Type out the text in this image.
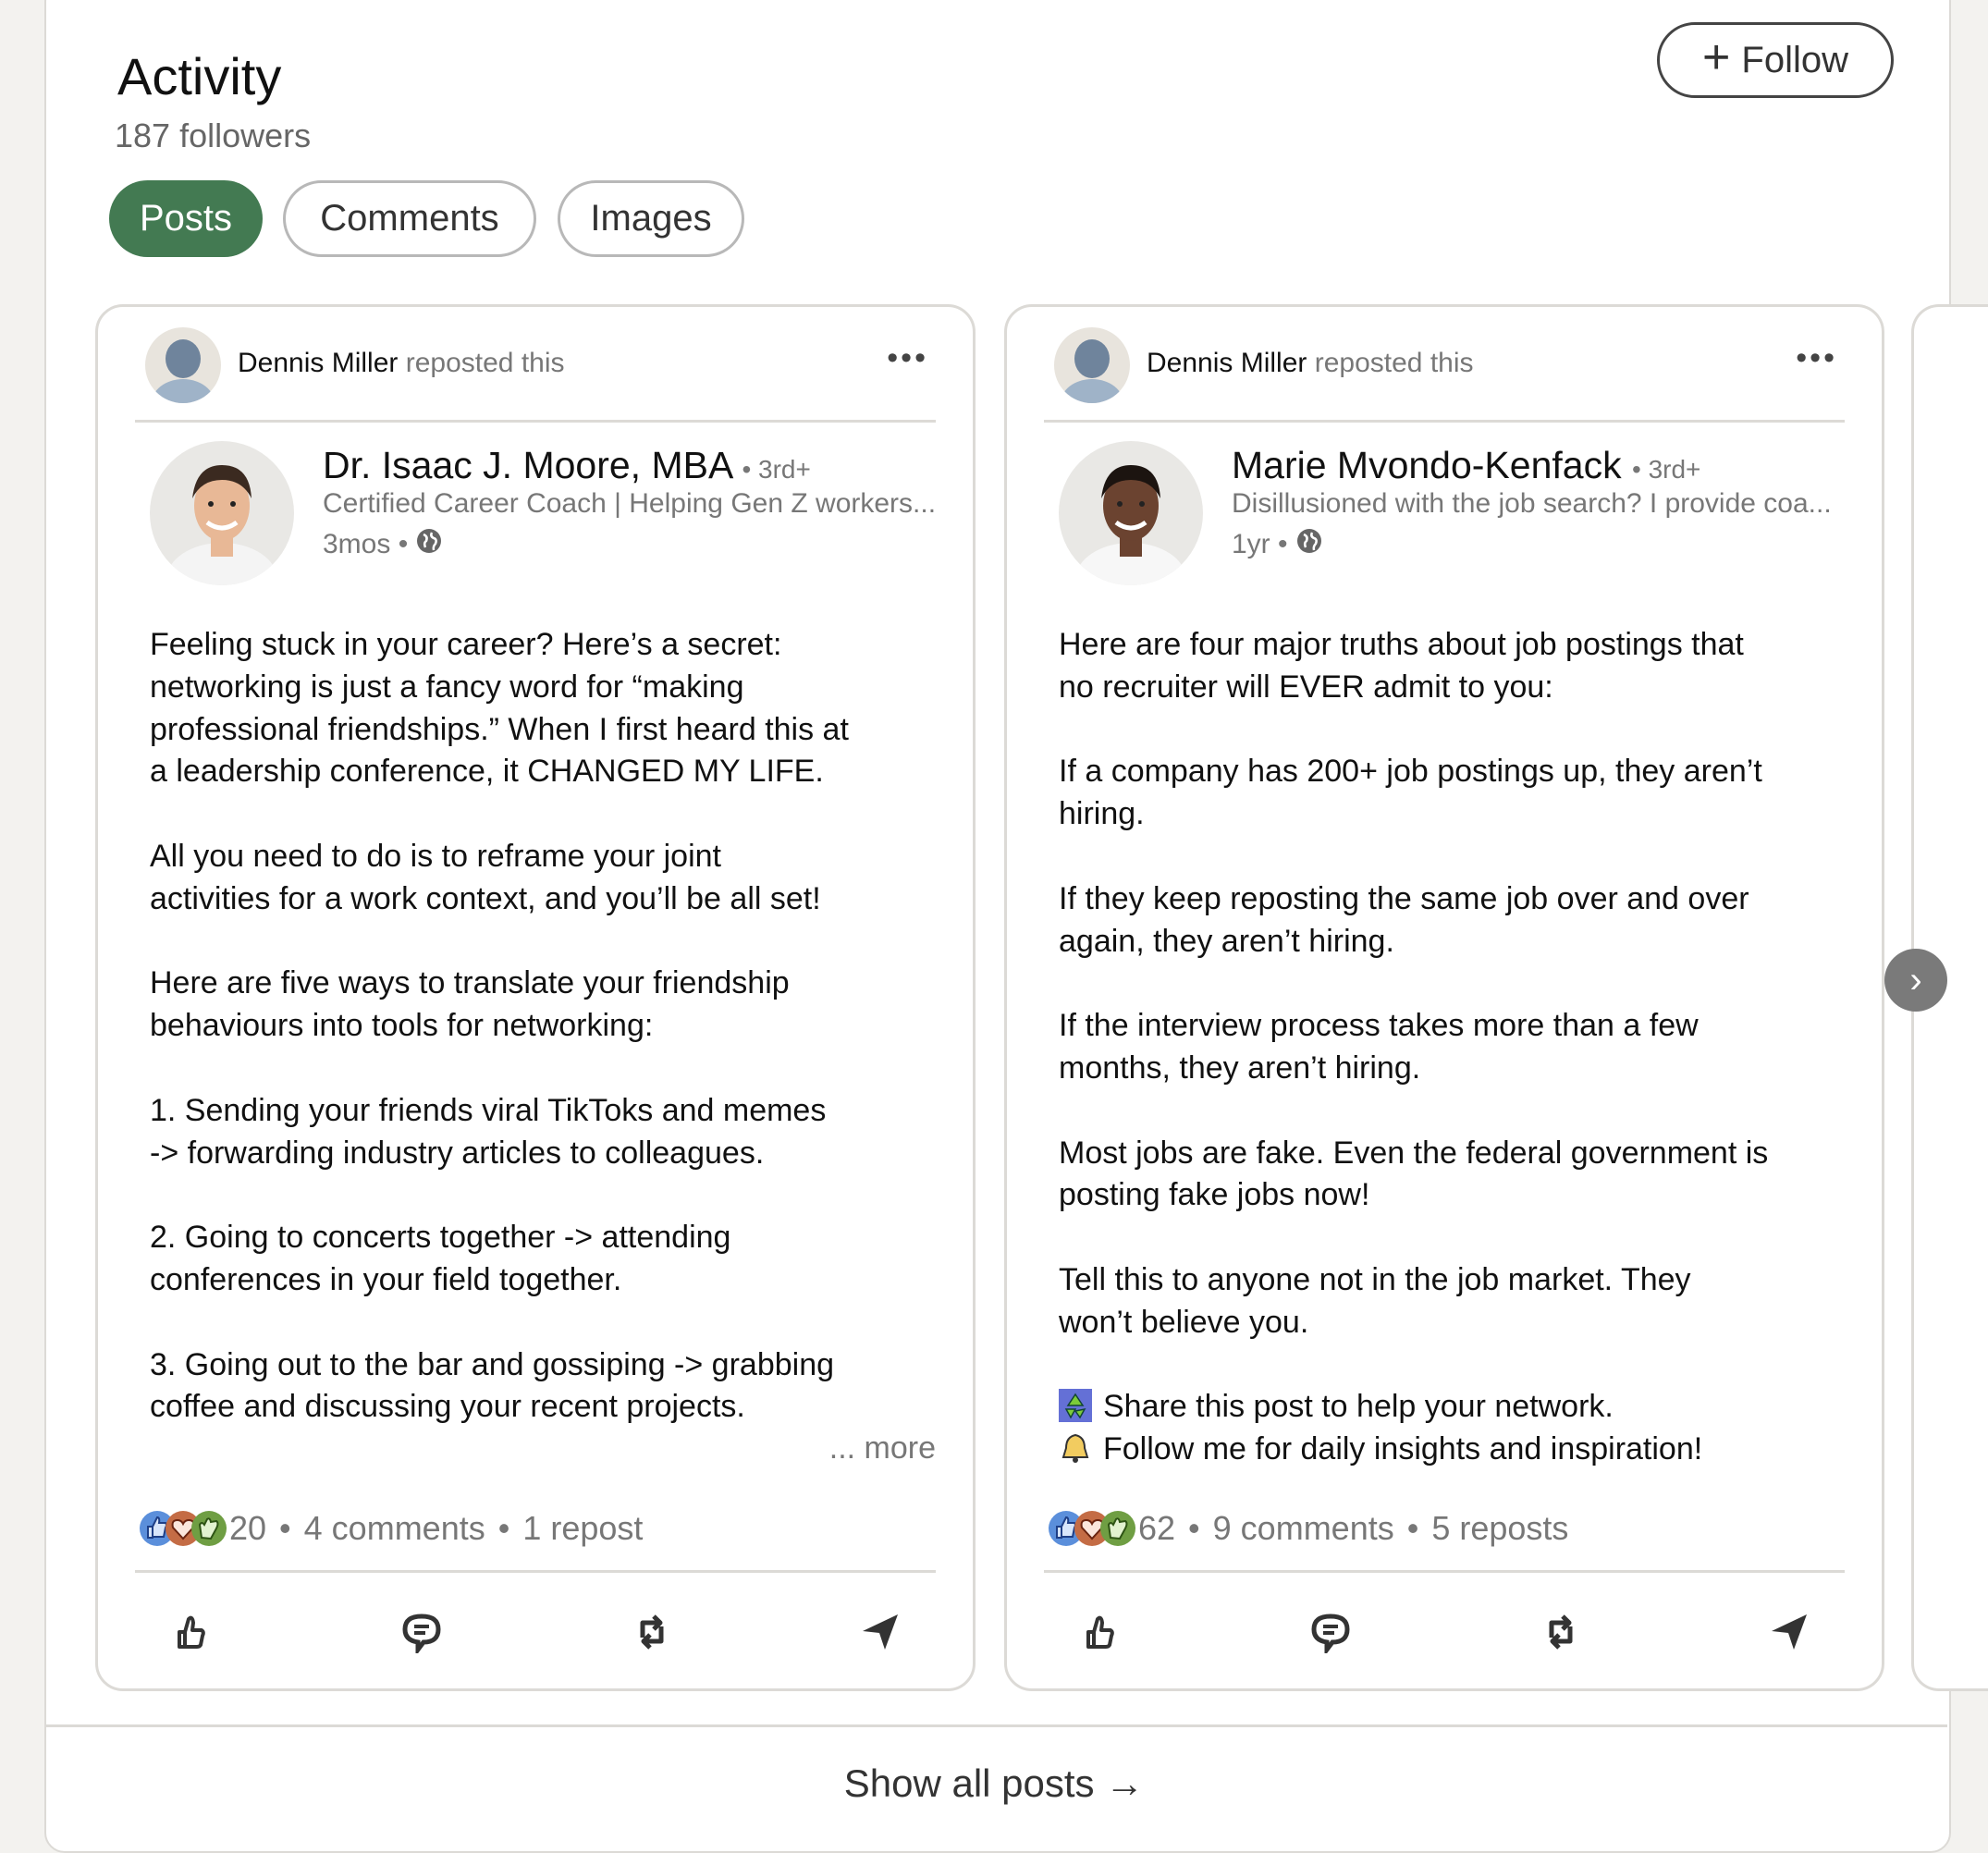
Activity
187 followers
+ Follow
Posts	Comments	Images
Dennis Miller reposted this	•••
Dr. Isaac J. Moore, MBA • 3rd+
Certified Career Coach | Helping Gen Z workers...
3mos •

Feeling stuck in your career? Here’s a secret:
networking is just a fancy word for “making
professional friendships.” When I first heard this at
a leadership conference, it CHANGED MY LIFE.

All you need to do is to reframe your joint
activities for a work context, and you’ll be all set!

Here are five ways to translate your friendship
behaviours into tools for networking:

1. Sending your friends viral TikToks and memes
-> forwarding industry articles to colleagues.

2. Going to concerts together -> attending
conferences in your field together.

3. Going out to the bar and gossiping -> grabbing
coffee and discussing your recent projects.

... more
20 • 4 comments • 1 repost
Dennis Miller reposted this	•••
Marie Mvondo-Kenfack • 3rd+
Disillusioned with the job search? I provide coa...
1yr •

Here are four major truths about job postings that
no recruiter will EVER admit to you:

If a company has 200+ job postings up, they aren’t
hiring.

If they keep reposting the same job over and over
again, they aren’t hiring.

If the interview process takes more than a few
months, they aren’t hiring.

Most jobs are fake. Even the federal government is
posting fake jobs now!

Tell this to anyone not in the job market. They
won’t believe you.

Share this post to help your network.
Follow me for daily insights and inspiration!
62 • 9 comments • 5 reposts
›
Show all posts →
